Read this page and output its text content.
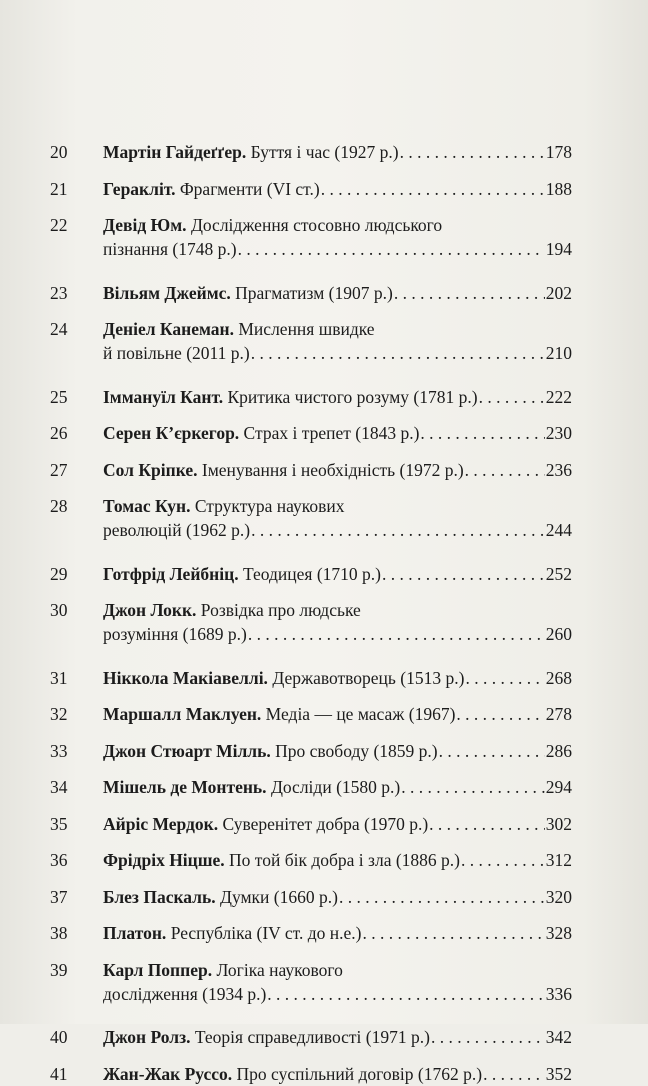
20	Мартін Гайдеґґер.
Буття і час (1927 р.) . . .	178
21	Геракліт.
Фрагменти (VI ст.) . . .	188
22	Девід Юм.
Дослідження стосовно людського
пізнання (1748 р.) . . .	194
23	Вільям Джеймс.
Прагматизм (1907 р.) . . .	202
24	Деніел Канеман.
Мислення швидке
й повільне (2011 р.) . . .	210
25	Іммануїл Кант.
Критика чистого розуму (1781 р.) . . .	222
26	Серен К’єркегор.
Страх і трепет (1843 р.) . . .	230
27	Сол Кріпке.
Іменування і необхідність (1972 р.) . . .	236
28	Томас Кун.
Структура наукових
революцій (1962 р.) . . .	244
29	Готфрід Лейбніц.
Теодицея (1710 р.) . . .	252
30	Джон Локк.
Розвідка про людське
розуміння (1689 р.) . . .	260
31	Ніккола Макіавеллі.
Державотворець (1513 р.) . . .	268
32	Маршалл Маклуен.
Медіа — це масаж (1967) . . .	278
33	Джон Стюарт Мілль.
Про свободу (1859 р.) . . .	286
34	Мішель де Монтень.
Досліди (1580 р.) . . .	294
35	Айріс Мердок.
Суверенітет добра (1970 р.) . . .	302
36	Фрідріх Ніцше.
По той бік добра і зла (1886 р.) . . .	312
37	Блез Паскаль.
Думки (1660 р.) . . .	320
38	Платон.
Республіка (IV ст. до н.е.) . . .	328
39	Карл Поппер.
Логіка наукового
дослідження (1934 р.) . . .	336
40	Джон Ролз.
Теорія справедливості (1971 р.) . . .	342
41	Жан-Жак Руссо.
Про суспільний договір (1762 р.) . . .	352
